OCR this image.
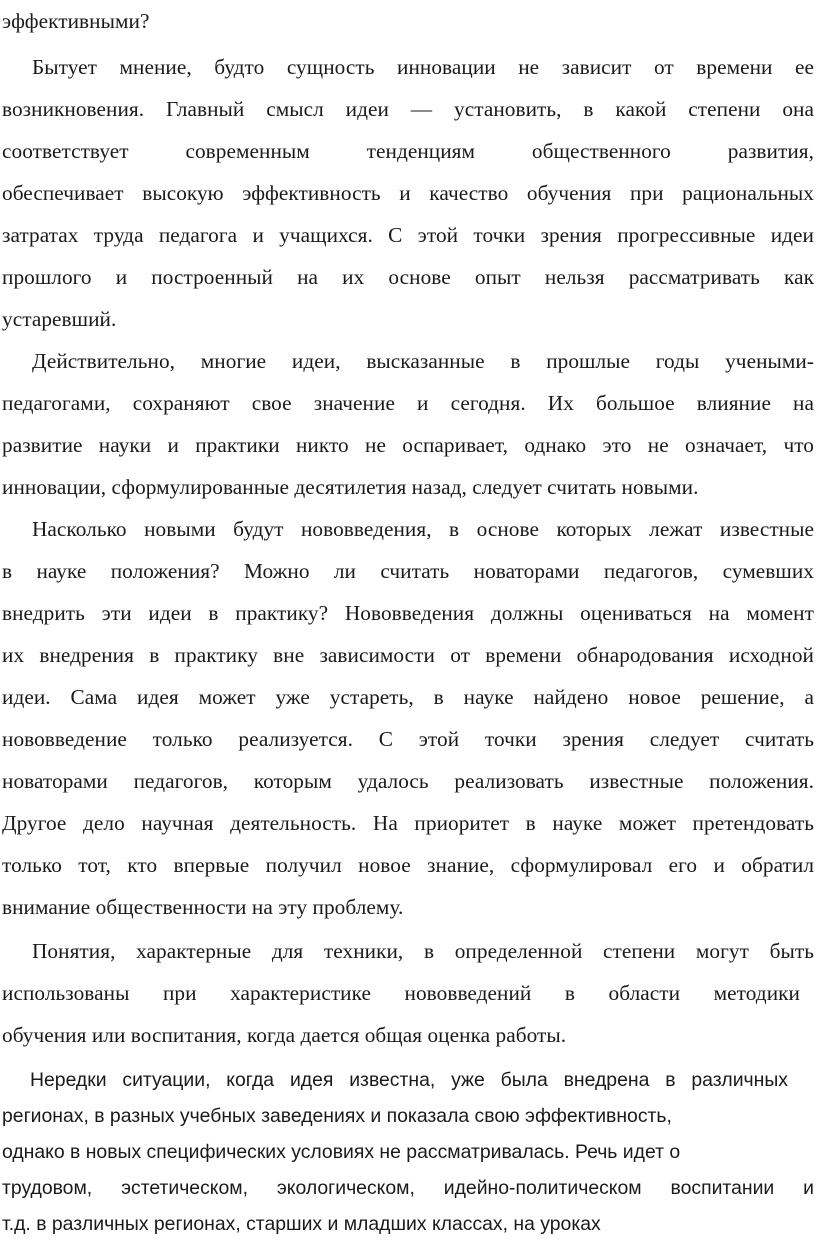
эффективными?
Бытует мнение, будто сущность инновации не зависит от времени ее
возникновения. Главный смысл идеи — установить, в какой степени она
соответствует современным тенденциям общественного развития,
обеспечивает высокую эффективность и качество обучения при рациональных
затратах труда педагога и учащихся. С этой точки зрения прогрессивные идеи
прошлого и построенный на их основе опыт нельзя рассматривать как
устаревший.
Действительно, многие идеи, высказанные в прошлые годы учеными-
педагогами, сохраняют свое значение и сегодня. Их большое влияние на
развитие науки и практики никто не оспаривает, однако это не означает, что
инновации, сформулированные десятилетия назад, следует считать новыми.
Насколько новыми будут нововведения, в основе которых лежат известные
в науке положения? Можно ли считать новаторами педагогов, сумевших
внедрить эти идеи в практику? Нововведения должны оцениваться на момент
их внедрения в практику вне зависимости от времени обнародования исходной
идеи. Сама идея может уже устареть, в науке найдено новое решение, а
нововведение только реализуется. С этой точки зрения следует считать
новаторами педагогов, которым удалось реализовать известные положения.
Другое дело научная деятельность. На приоритет в науке может претендовать
только тот, кто впервые получил новое знание, сформулировал его и обратил
внимание общественности на эту проблему.
Понятия, характерные для техники, в определенной степени могут быть
использованы при характеристике нововведений в области методики
обучения или воспитания, когда дается общая оценка работы.
Нередки ситуации, когда идея известна, уже была внедрена в различных
регионах, в разных учебных заведениях и показала свою эффективность,
однако в новых специфических условиях не рассматривалась. Речь идет о
трудовом, эстетическом, экологическом, идейно-политическом воспитании и
т.д. в различных регионах, старших и младших классах, на уроках
